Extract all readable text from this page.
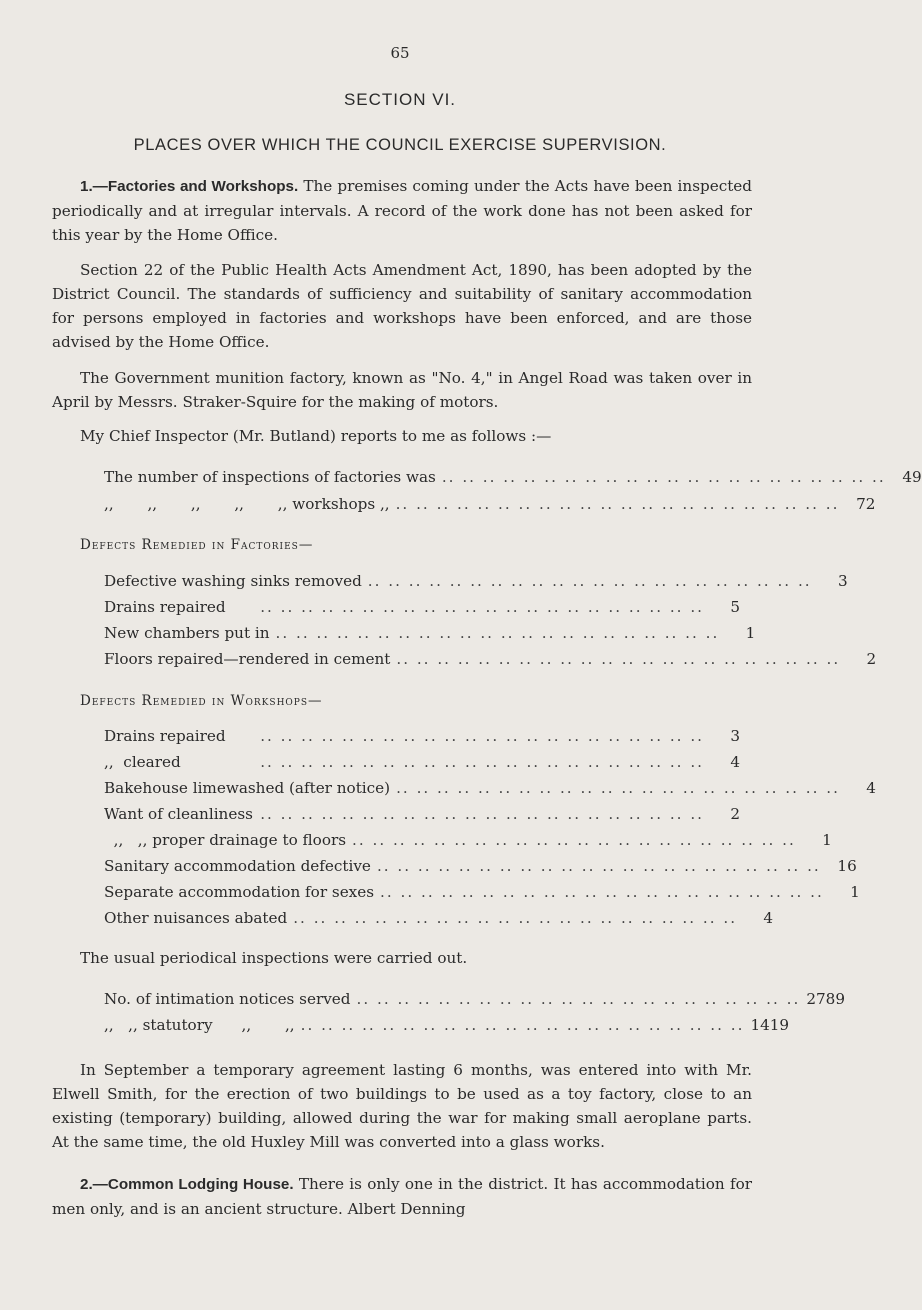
65
SECTION VI.
PLACES OVER WHICH THE COUNCIL EXERCISE SUPERVISION.

1.—Factories and Workshops. The premises coming under the Acts have been inspected periodically and at irregular intervals. A record of the work done has not been asked for this year by the Home Office.

Section 22 of the Public Health Acts Amendment Act, 1890, has been adopted by the District Council. The standards of sufficiency and suitability of sanitary accommodation for persons employed in factories and workshops have been enforced, and are those advised by the Home Office.

The Government munition factory, known as "No. 4," in Angel Road was taken over in April by Messrs. Straker-Squire for the making of motors.

My Chief Inspector (Mr. Butland) reports to me as follows :—

The number of inspections of factories was .. .. .. .. .. .. .. .. .. .. .. .. .. .. .. .. .. .. .. .. .. ..	49
,,       ,,       ,,       ,,       ,, workshops ,, .. .. .. .. .. .. .. .. .. .. .. .. .. .. .. .. .. .. .. .. .. ..	72
Defects Remedied in Factories—
Defective washing sinks removed .. .. .. .. .. .. .. .. .. .. .. .. .. .. .. .. .. .. .. .. .. ..	3
Drains repaired	.. .. .. .. .. .. .. .. .. .. .. .. .. .. .. .. .. .. .. .. .. ..	5
New chambers put in .. .. .. .. .. .. .. .. .. .. .. .. .. .. .. .. .. .. .. .. .. ..	1
Floors repaired—rendered in cement .. .. .. .. .. .. .. .. .. .. .. .. .. .. .. .. .. .. .. .. .. ..	2
Defects Remedied in Workshops—
Drains repaired	.. .. .. .. .. .. .. .. .. .. .. .. .. .. .. .. .. .. .. .. .. ..	3
,,  cleared	.. .. .. .. .. .. .. .. .. .. .. .. .. .. .. .. .. .. .. .. .. ..	4
Bakehouse limewashed (after notice) .. .. .. .. .. .. .. .. .. .. .. .. .. .. .. .. .. .. .. .. .. ..	4
Want of cleanliness .. .. .. .. .. .. .. .. .. .. .. .. .. .. .. .. .. .. .. .. .. ..	2
,,   ,, proper drainage to floors .. .. .. .. .. .. .. .. .. .. .. .. .. .. .. .. .. .. .. .. .. ..	1
Sanitary accommodation defective .. .. .. .. .. .. .. .. .. .. .. .. .. .. .. .. .. .. .. .. .. ..	16
Separate accommodation for sexes .. .. .. .. .. .. .. .. .. .. .. .. .. .. .. .. .. .. .. .. .. ..	1
Other nuisances abated .. .. .. .. .. .. .. .. .. .. .. .. .. .. .. .. .. .. .. .. .. ..	4

The usual periodical inspections were carried out.

No. of intimation notices served .. .. .. .. .. .. .. .. .. .. .. .. .. .. .. .. .. .. .. .. .. .. 2789
,,   ,, statutory      ,,       ,, .. .. .. .. .. .. .. .. .. .. .. .. .. .. .. .. .. .. .. .. .. .. 1419

In September a temporary agreement lasting 6 months, was entered into with Mr. Elwell Smith, for the erection of two buildings to be used as a toy factory, close to an existing (temporary) building, allowed during the war for making small aeroplane parts. At the same time, the old Huxley Mill was converted into a glass works.

2.—Common Lodging House. There is only one in the district. It has accommodation for men only, and is an ancient structure. Albert Denning
